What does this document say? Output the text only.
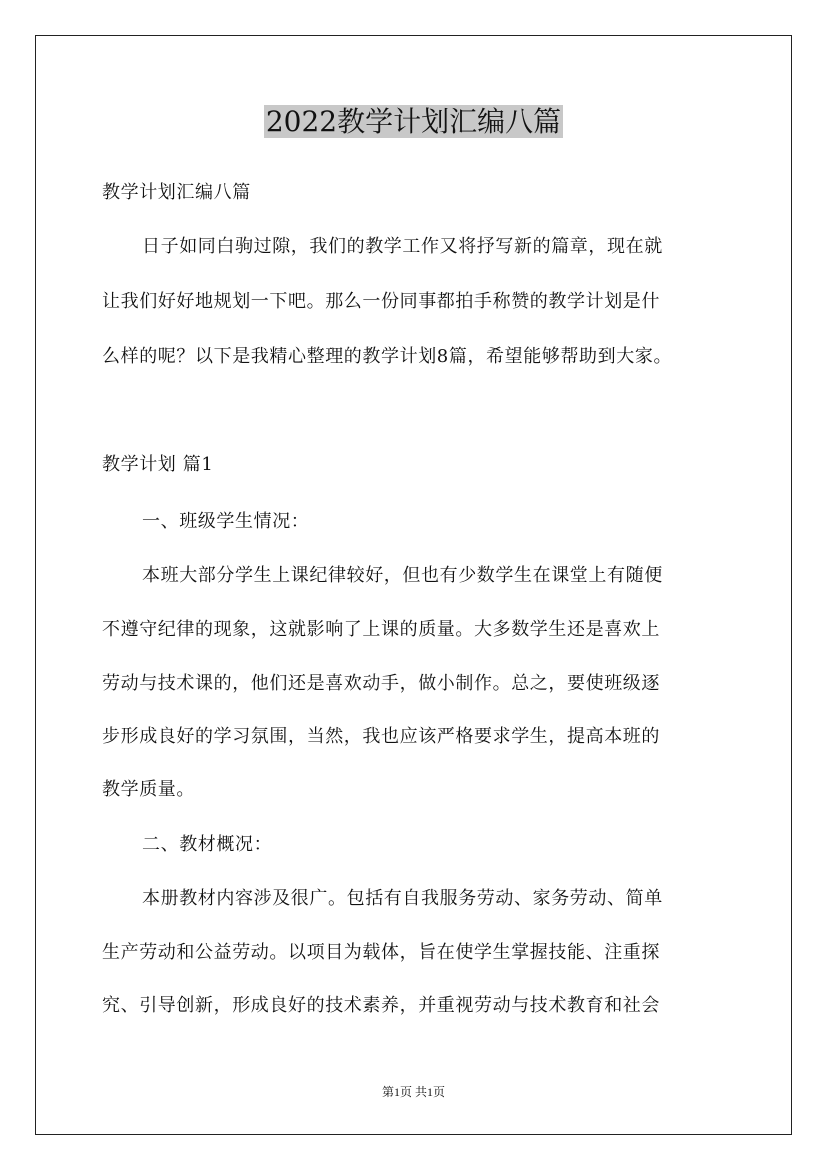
2022教学计划汇编八篇

教学计划汇编八篇

日子如同白驹过隙，我们的教学工作又将抒写新的篇章，现在就

让我们好好地规划一下吧。那么一份同事都拍手称赞的教学计划是什

么样的呢？以下是我精心整理的教学计划8篇，希望能够帮助到大家。

教学计划 篇1

一、班级学生情况：

本班大部分学生上课纪律较好，但也有少数学生在课堂上有随便

不遵守纪律的现象，这就影响了上课的质量。大多数学生还是喜欢上

劳动与技术课的，他们还是喜欢动手，做小制作。总之，要使班级逐

步形成良好的学习氛围，当然，我也应该严格要求学生，提高本班的

教学质量。

二、教材概况：

本册教材内容涉及很广。包括有自我服务劳动、家务劳动、简单

生产劳动和公益劳动。以项目为载体，旨在使学生掌握技能、注重探

究、引导创新，形成良好的技术素养，并重视劳动与技术教育和社会

第1页 共1页
